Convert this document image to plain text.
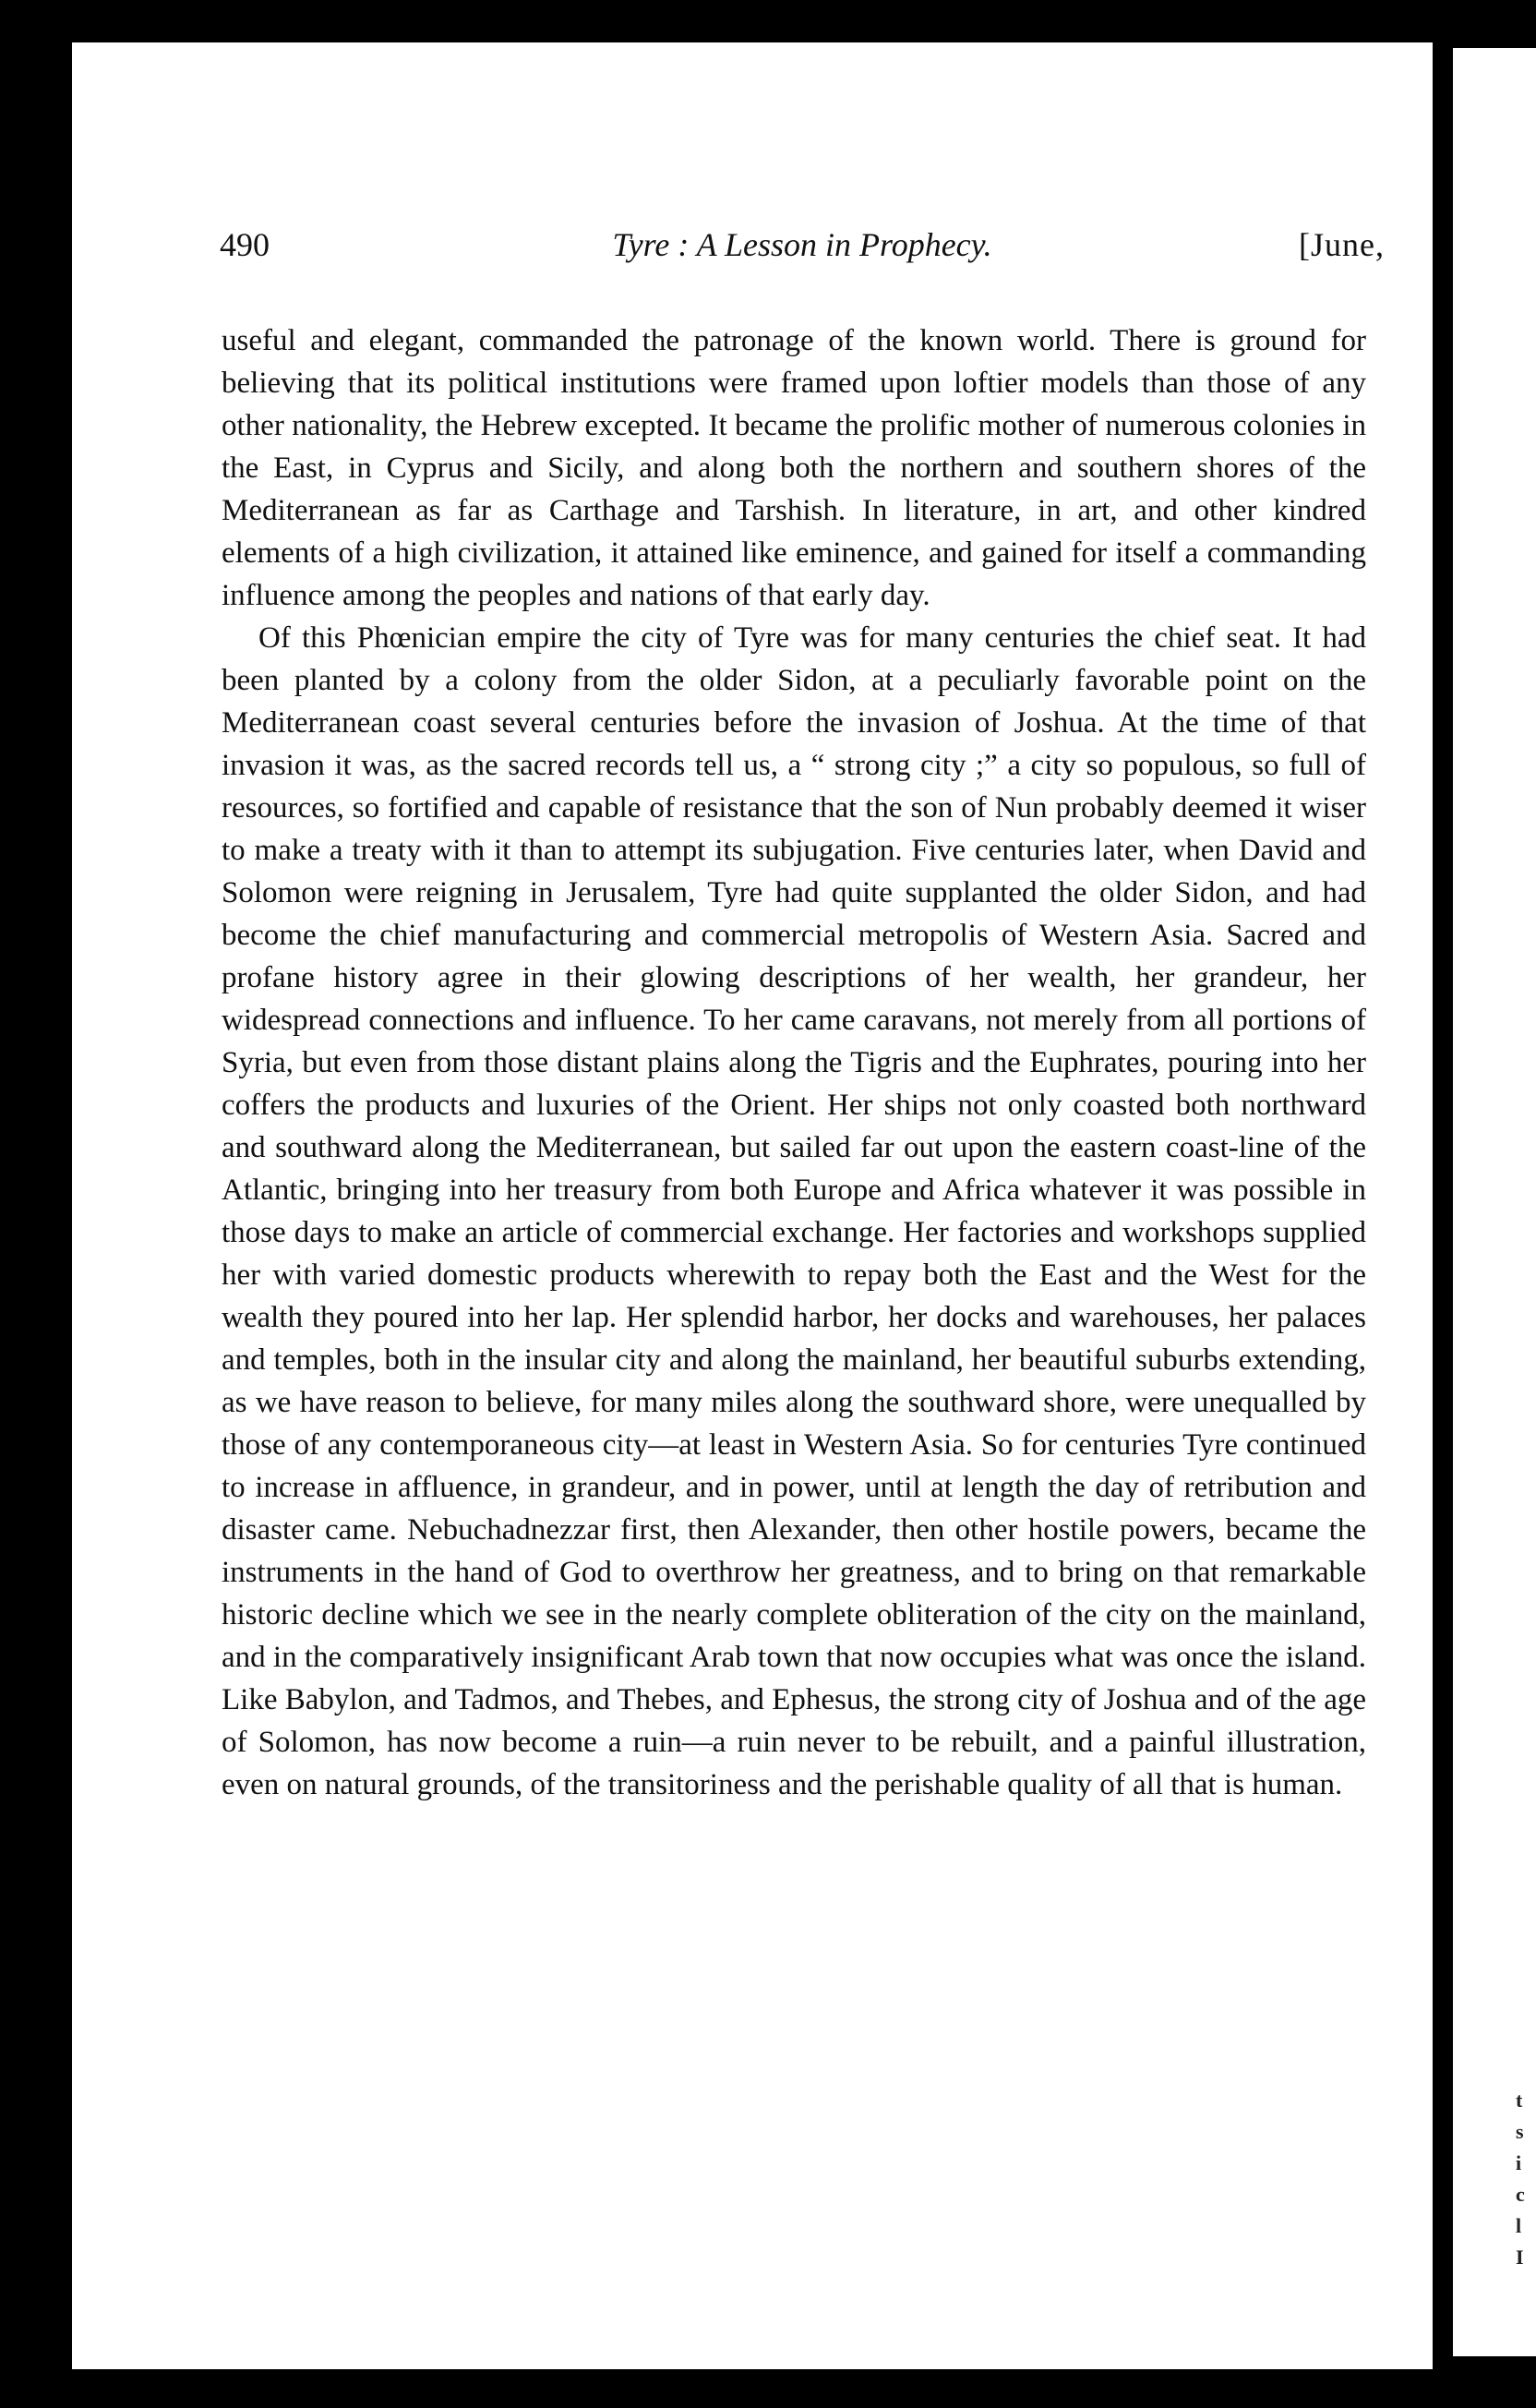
490	Tyre : A Lesson in Prophecy.	[June,

useful and elegant, commanded the patronage of the known world. There is ground for believing that its political institutions were framed upon loftier models than those of any other nationality, the Hebrew excepted. It became the prolific mother of numerous colonies in the East, in Cyprus and Sicily, and along both the northern and southern shores of the Mediterranean as far as Carthage and Tarshish. In literature, in art, and other kindred elements of a high civilization, it attained like eminence, and gained for itself a commanding influence among the peoples and nations of that early day.

Of this Phœnician empire the city of Tyre was for many centuries the chief seat. It had been planted by a colony from the older Sidon, at a peculiarly favorable point on the Mediterranean coast several centuries before the invasion of Joshua. At the time of that invasion it was, as the sacred records tell us, a “ strong city ;” a city so populous, so full of resources, so fortified and capable of resistance that the son of Nun probably deemed it wiser to make a treaty with it than to attempt its subjugation. Five centuries later, when David and Solomon were reigning in Jerusalem, Tyre had quite supplanted the older Sidon, and had become the chief manufacturing and commercial metropolis of Western Asia. Sacred and profane history agree in their glowing descriptions of her wealth, her grandeur, her widespread connections and influence. To her came caravans, not merely from all portions of Syria, but even from those distant plains along the Tigris and the Euphrates, pouring into her coffers the products and luxuries of the Orient. Her ships not only coasted both northward and southward along the Mediterranean, but sailed far out upon the eastern coast-line of the Atlantic, bringing into her treasury from both Europe and Africa whatever it was possible in those days to make an article of commercial exchange. Her factories and workshops supplied her with varied domestic products wherewith to repay both the East and the West for the wealth they poured into her lap. Her splendid harbor, her docks and warehouses, her palaces and temples, both in the insular city and along the mainland, her beautiful suburbs extending, as we have reason to believe, for many miles along the southward shore, were unequalled by those of any contemporaneous city—at least in Western Asia. So for centuries Tyre continued to increase in affluence, in grandeur, and in power, until at length the day of retribution and disaster came. Nebuchadnezzar first, then Alexander, then other hostile powers, became the instruments in the hand of God to overthrow her greatness, and to bring on that remarkable historic decline which we see in the nearly complete obliteration of the city on the mainland, and in the comparatively insignificant Arab town that now occupies what was once the island. Like Babylon, and Tadmos, and Thebes, and Ephesus, the strong city of Joshua and of the age of Solomon, has now become a ruin—a ruin never to be rebuilt, and a painful illustration, even on natural grounds, of the transitoriness and the perishable quality of all that is human.

t
s
i
c
l
I
